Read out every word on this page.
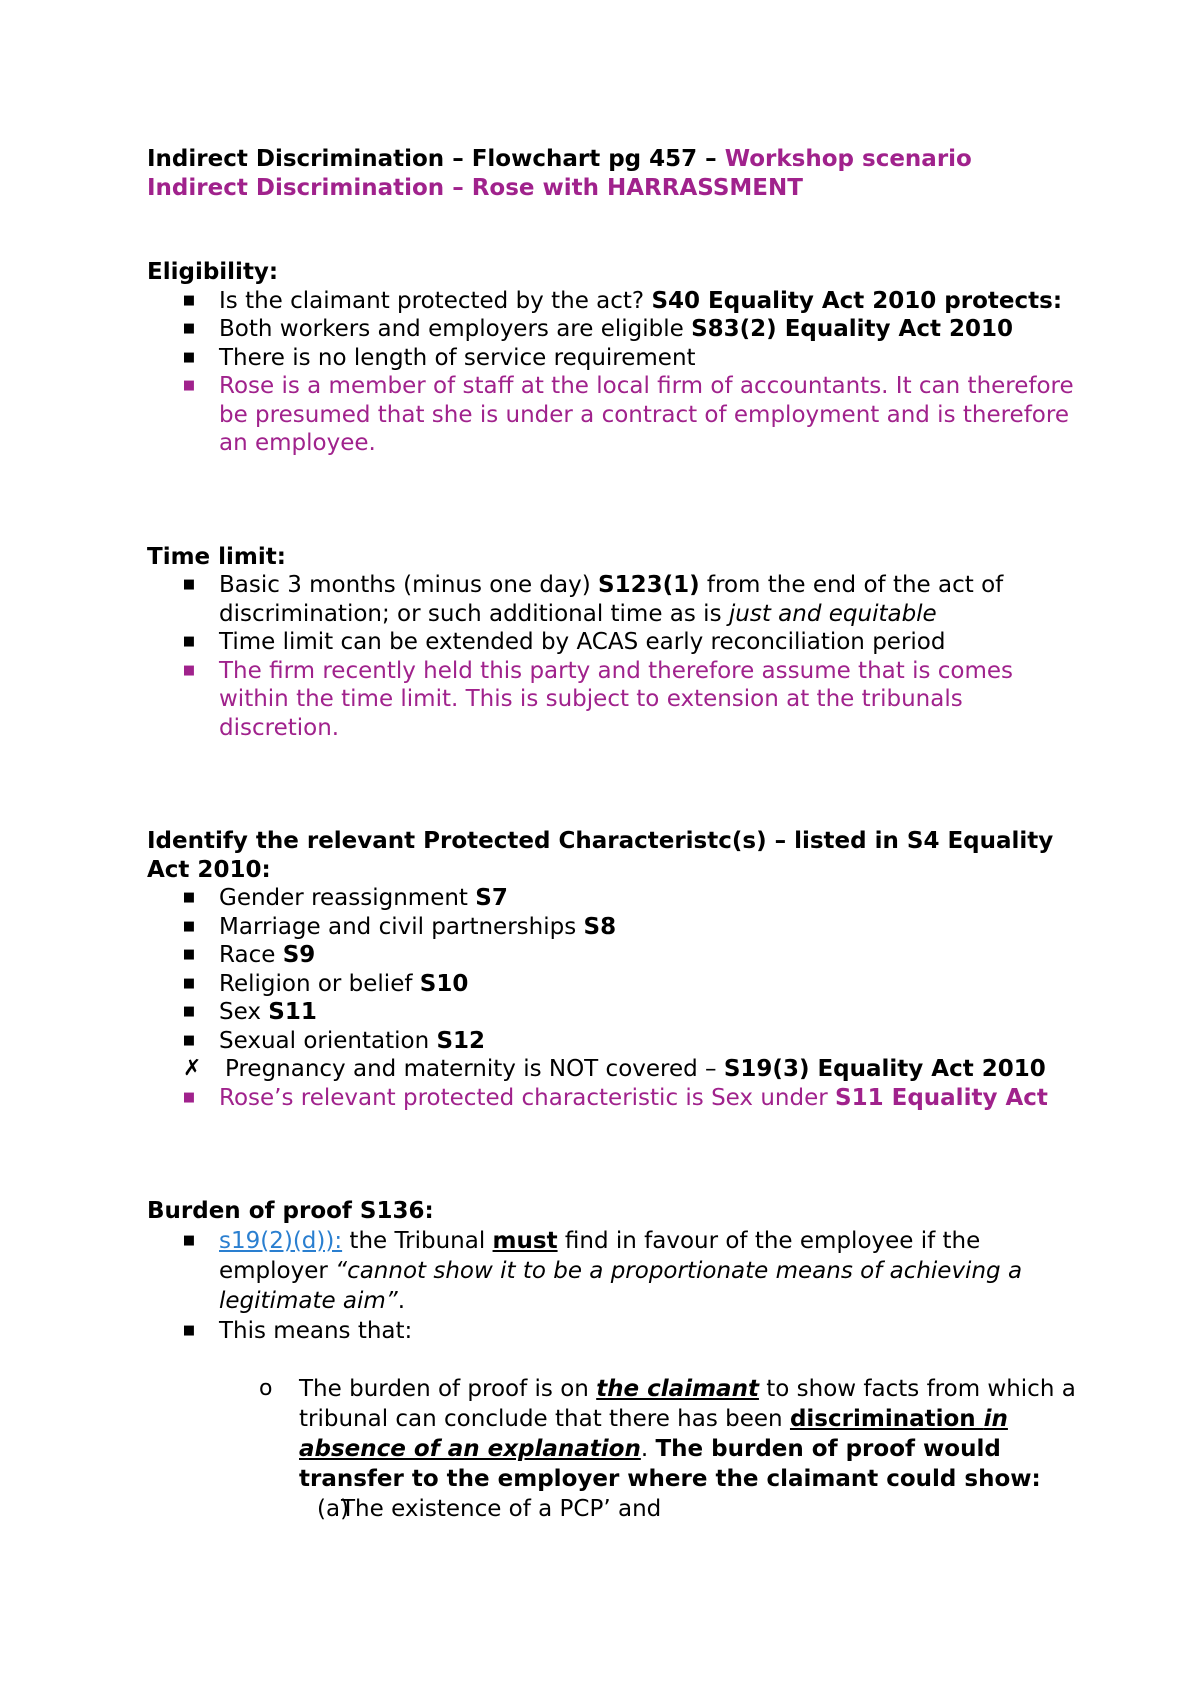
Indirect Discrimination – Flowchart pg 457 – Workshop scenario

Indirect Discrimination – Rose with HARRASSMENT

Eligibility:

■ Is the claimant protected by the act? S40 Equality Act 2010 protects:
■ Both workers and employers are eligible S83(2) Equality Act 2010
■ There is no length of service requirement
■ Rose is a member of staff at the local firm of accountants. It can therefore be presumed that she is under a contract of employment and is therefore an employee.

Time limit:

■ Basic 3 months (minus one day) S123(1) from the end of the act of discrimination; or such additional time as is just and equitable
■ Time limit can be extended by ACAS early reconciliation period
■ The firm recently held this party and therefore assume that is comes within the time limit. This is subject to extension at the tribunals discretion.

Identify the relevant Protected Characteristc(s) – listed in S4 Equality Act 2010:

■ Gender reassignment S7
■ Marriage and civil partnerships S8
■ Race S9
■ Religion or belief S10
■ Sex S11
■ Sexual orientation S12
✗ Pregnancy and maternity is NOT covered – S19(3) Equality Act 2010
■ Rose’s relevant protected characteristic is Sex under S11 Equality Act

Burden of proof S136:

■ s19(2)(d)): the Tribunal must find in favour of the employee if the employer “cannot show it to be a proportionate means of achieving a legitimate aim”.
■ This means that:
o The burden of proof is on the claimant to show facts from which a tribunal can conclude that there has been discrimination in absence of an explanation. The burden of proof would transfer to the employer where the claimant could show:
(a)
The existence of a PCP’ and
